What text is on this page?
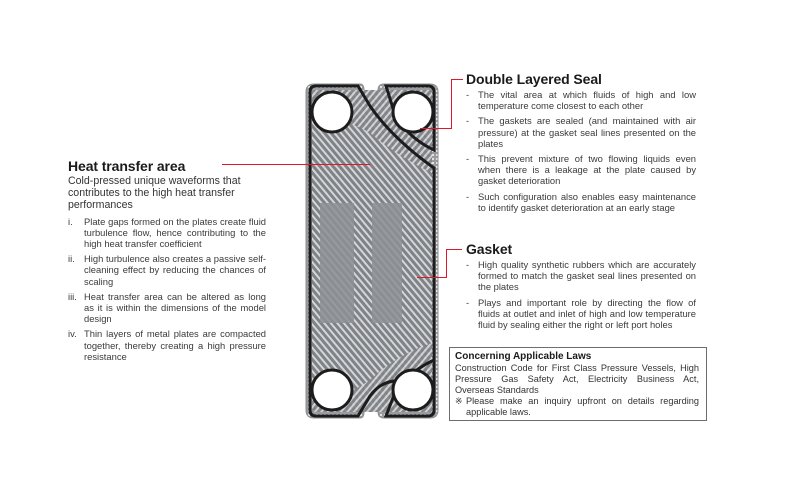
Heat transfer area
Cold-pressed unique waveforms that contributes to the high heat transfer performances
i. Plate gaps formed on the plates create fluid turbulence flow, hence contributing to the high heat transfer coefficient
ii. High turbulence also creates a passive self-cleaning effect by reducing the chances of scaling
iii. Heat transfer area can be altered as long as it is within the dimensions of the model design
iv. Thin layers of metal plates are compacted together, thereby creating a high pressure resistance
Double Layered Seal
- The vital area at which fluids of high and low temperature come closest to each other
- The gaskets are sealed (and maintained with air pressure) at the gasket seal lines presented on the plates
- This prevent mixture of two flowing liquids even when there is a leakage at the plate caused by gasket deterioration
- Such configuration also enables easy maintenance to identify gasket deterioration at an early stage
Gasket
- High quality synthetic rubbers which are accurately formed to match the gasket seal lines presented on the plates
- Plays and important role by directing the flow of fluids at outlet and inlet of high and low temperature fluid by sealing either the right or left port holes
Concerning Applicable Laws
Construction Code for First Class Pressure Vessels, High Pressure Gas Safety Act, Electricity Business Act, Overseas Standards
※ Please make an inquiry upfront on details regarding applicable laws.
